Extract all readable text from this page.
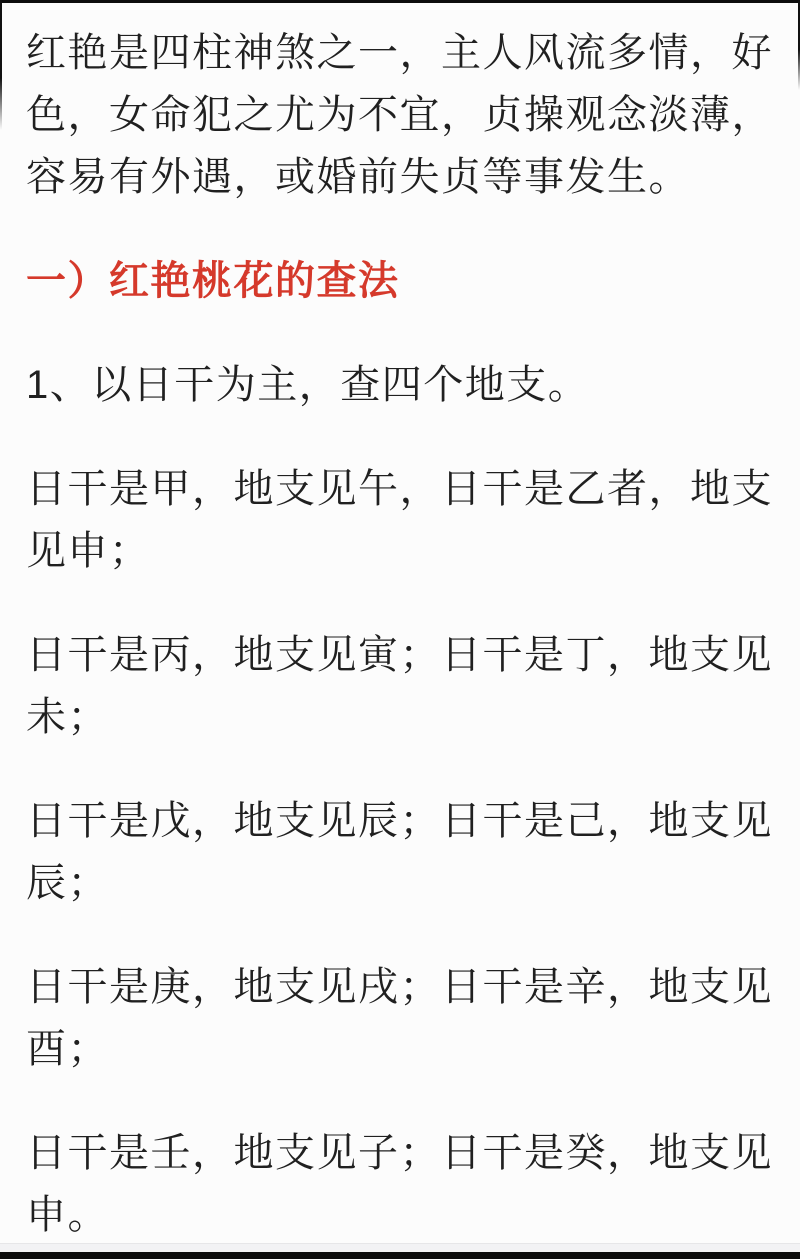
红艳是四柱神煞之一，主人风流多情，好
色，女命犯之尤为不宜，贞操观念淡薄，
容易有外遇，或婚前失贞等事发生。
一）红艳桃花的查法
1、以日干为主，查四个地支。
日干是甲，地支见午，日干是乙者，地支
见申；
日干是丙，地支见寅；日干是丁，地支见
未；
日干是戊，地支见辰；日干是己，地支见
辰；
日干是庚，地支见戌；日干是辛，地支见
酉；
日干是壬，地支见子；日干是癸，地支见
申。
